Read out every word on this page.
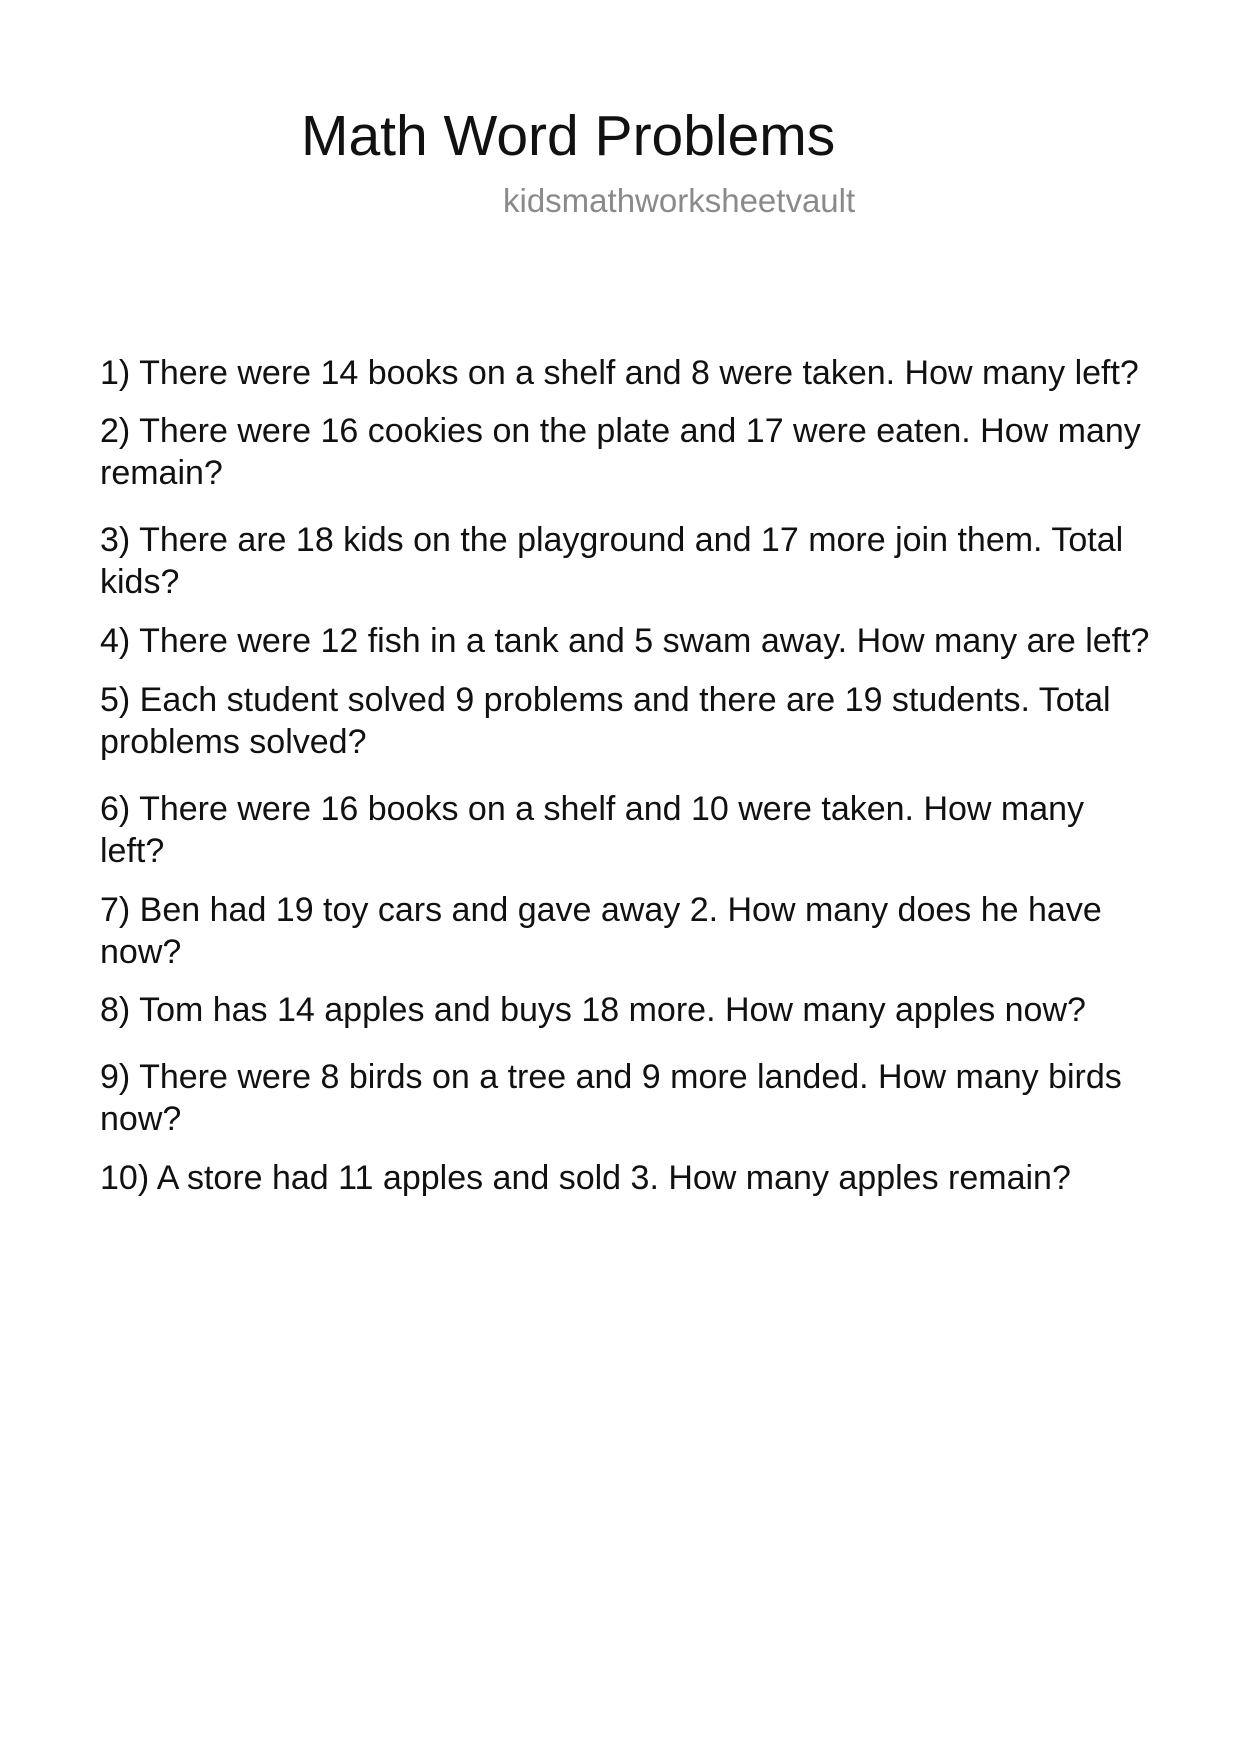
Math Word Problems
kidsmathworksheetvault
1) There were 14 books on a shelf and 8 were taken. How many left?
2) There were 16 cookies on the plate and 17 were eaten. How many remain?
3) There are 18 kids on the playground and 17 more join them. Total kids?
4) There were 12 fish in a tank and 5 swam away. How many are left?
5) Each student solved 9 problems and there are 19 students. Total problems solved?
6) There were 16 books on a shelf and 10 were taken. How many left?
7) Ben had 19 toy cars and gave away 2. How many does he have now?
8) Tom has 14 apples and buys 18 more. How many apples now?
9) There were 8 birds on a tree and 9 more landed. How many birds now?
10) A store had 11 apples and sold 3. How many apples remain?
